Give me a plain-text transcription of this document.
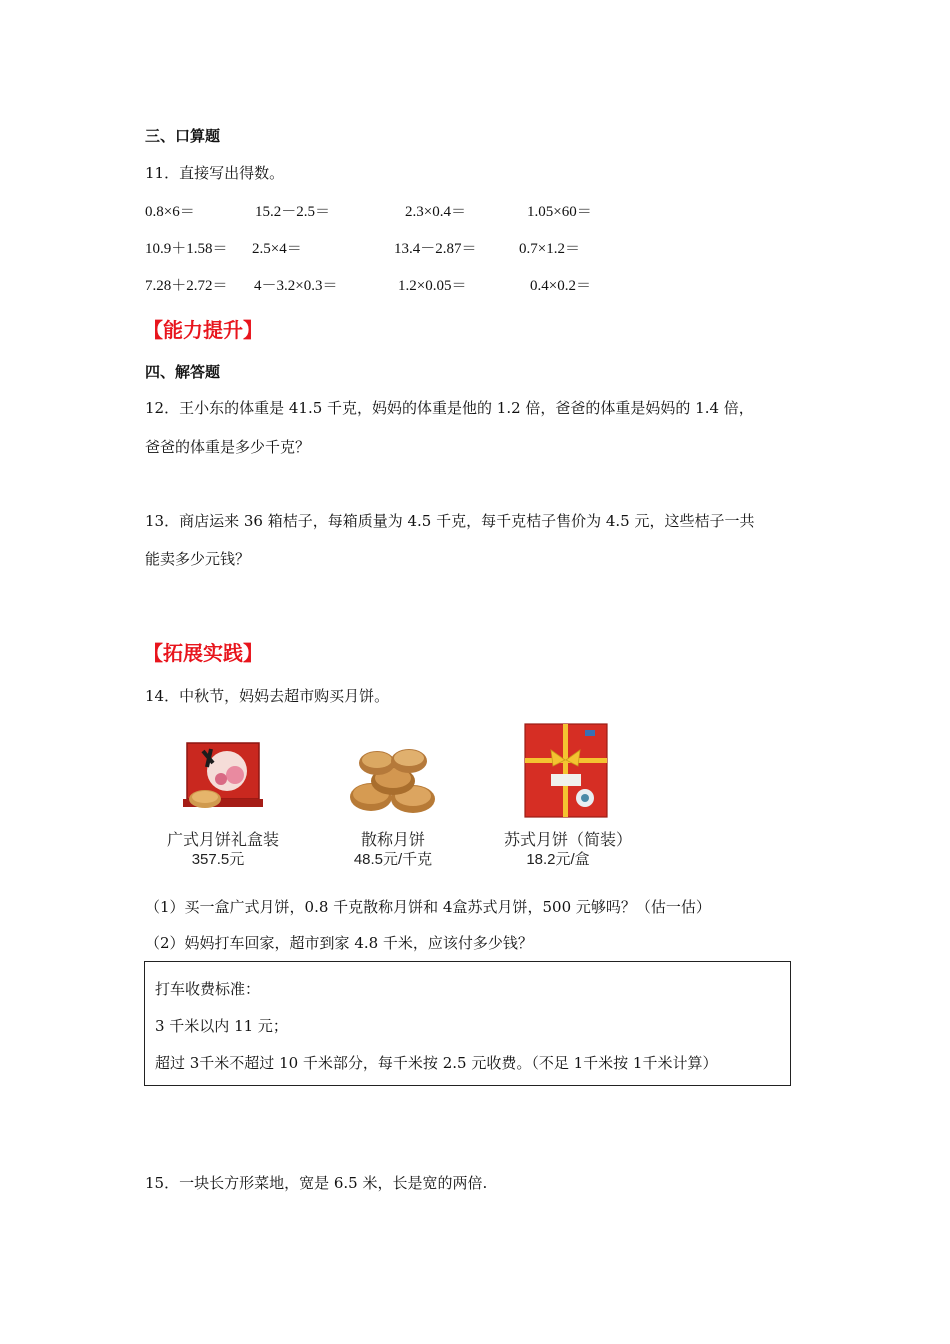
三、口算题
11．直接写出得数。
0.8×6＝	15.2－2.5＝	2.3×0.4＝	1.05×60＝
10.9＋1.58＝ 2.5×4＝	13.4－2.87＝	0.7×1.2＝
7.28＋2.72＝ 4－3.2×0.3＝	1.2×0.05＝	0.4×0.2＝
【能力提升】
四、解答题
12．王小东的体重是 41.5 千克，妈妈的体重是他的 1.2 倍，爸爸的体重是妈妈的 1.4 倍，
爸爸的体重是多少千克？
13．商店运来 36 箱桔子，每箱质量为 4.5 千克，每千克桔子售价为 4.5 元，这些桔子一共
能卖多少元钱？
【拓展实践】
14．中秋节，妈妈去超市购买月饼。
广式月饼礼盒装
357.5元
散称月饼
48.5元/千克
苏式月饼（简装）
18.2元/盒
（1）买一盒广式月饼，0.8 千克散称月饼和 4盒苏式月饼，500 元够吗？（估一估）
（2）妈妈打车回家，超市到家 4.8 千米，应该付多少钱？
打车收费标准：
3 千米以内 11 元；
超过 3千米不超过 10 千米部分，每千米按 2.5 元收费。（不足 1千米按 1千米计算）
15．一块长方形菜地，宽是 6.5 米，长是宽的两倍.
